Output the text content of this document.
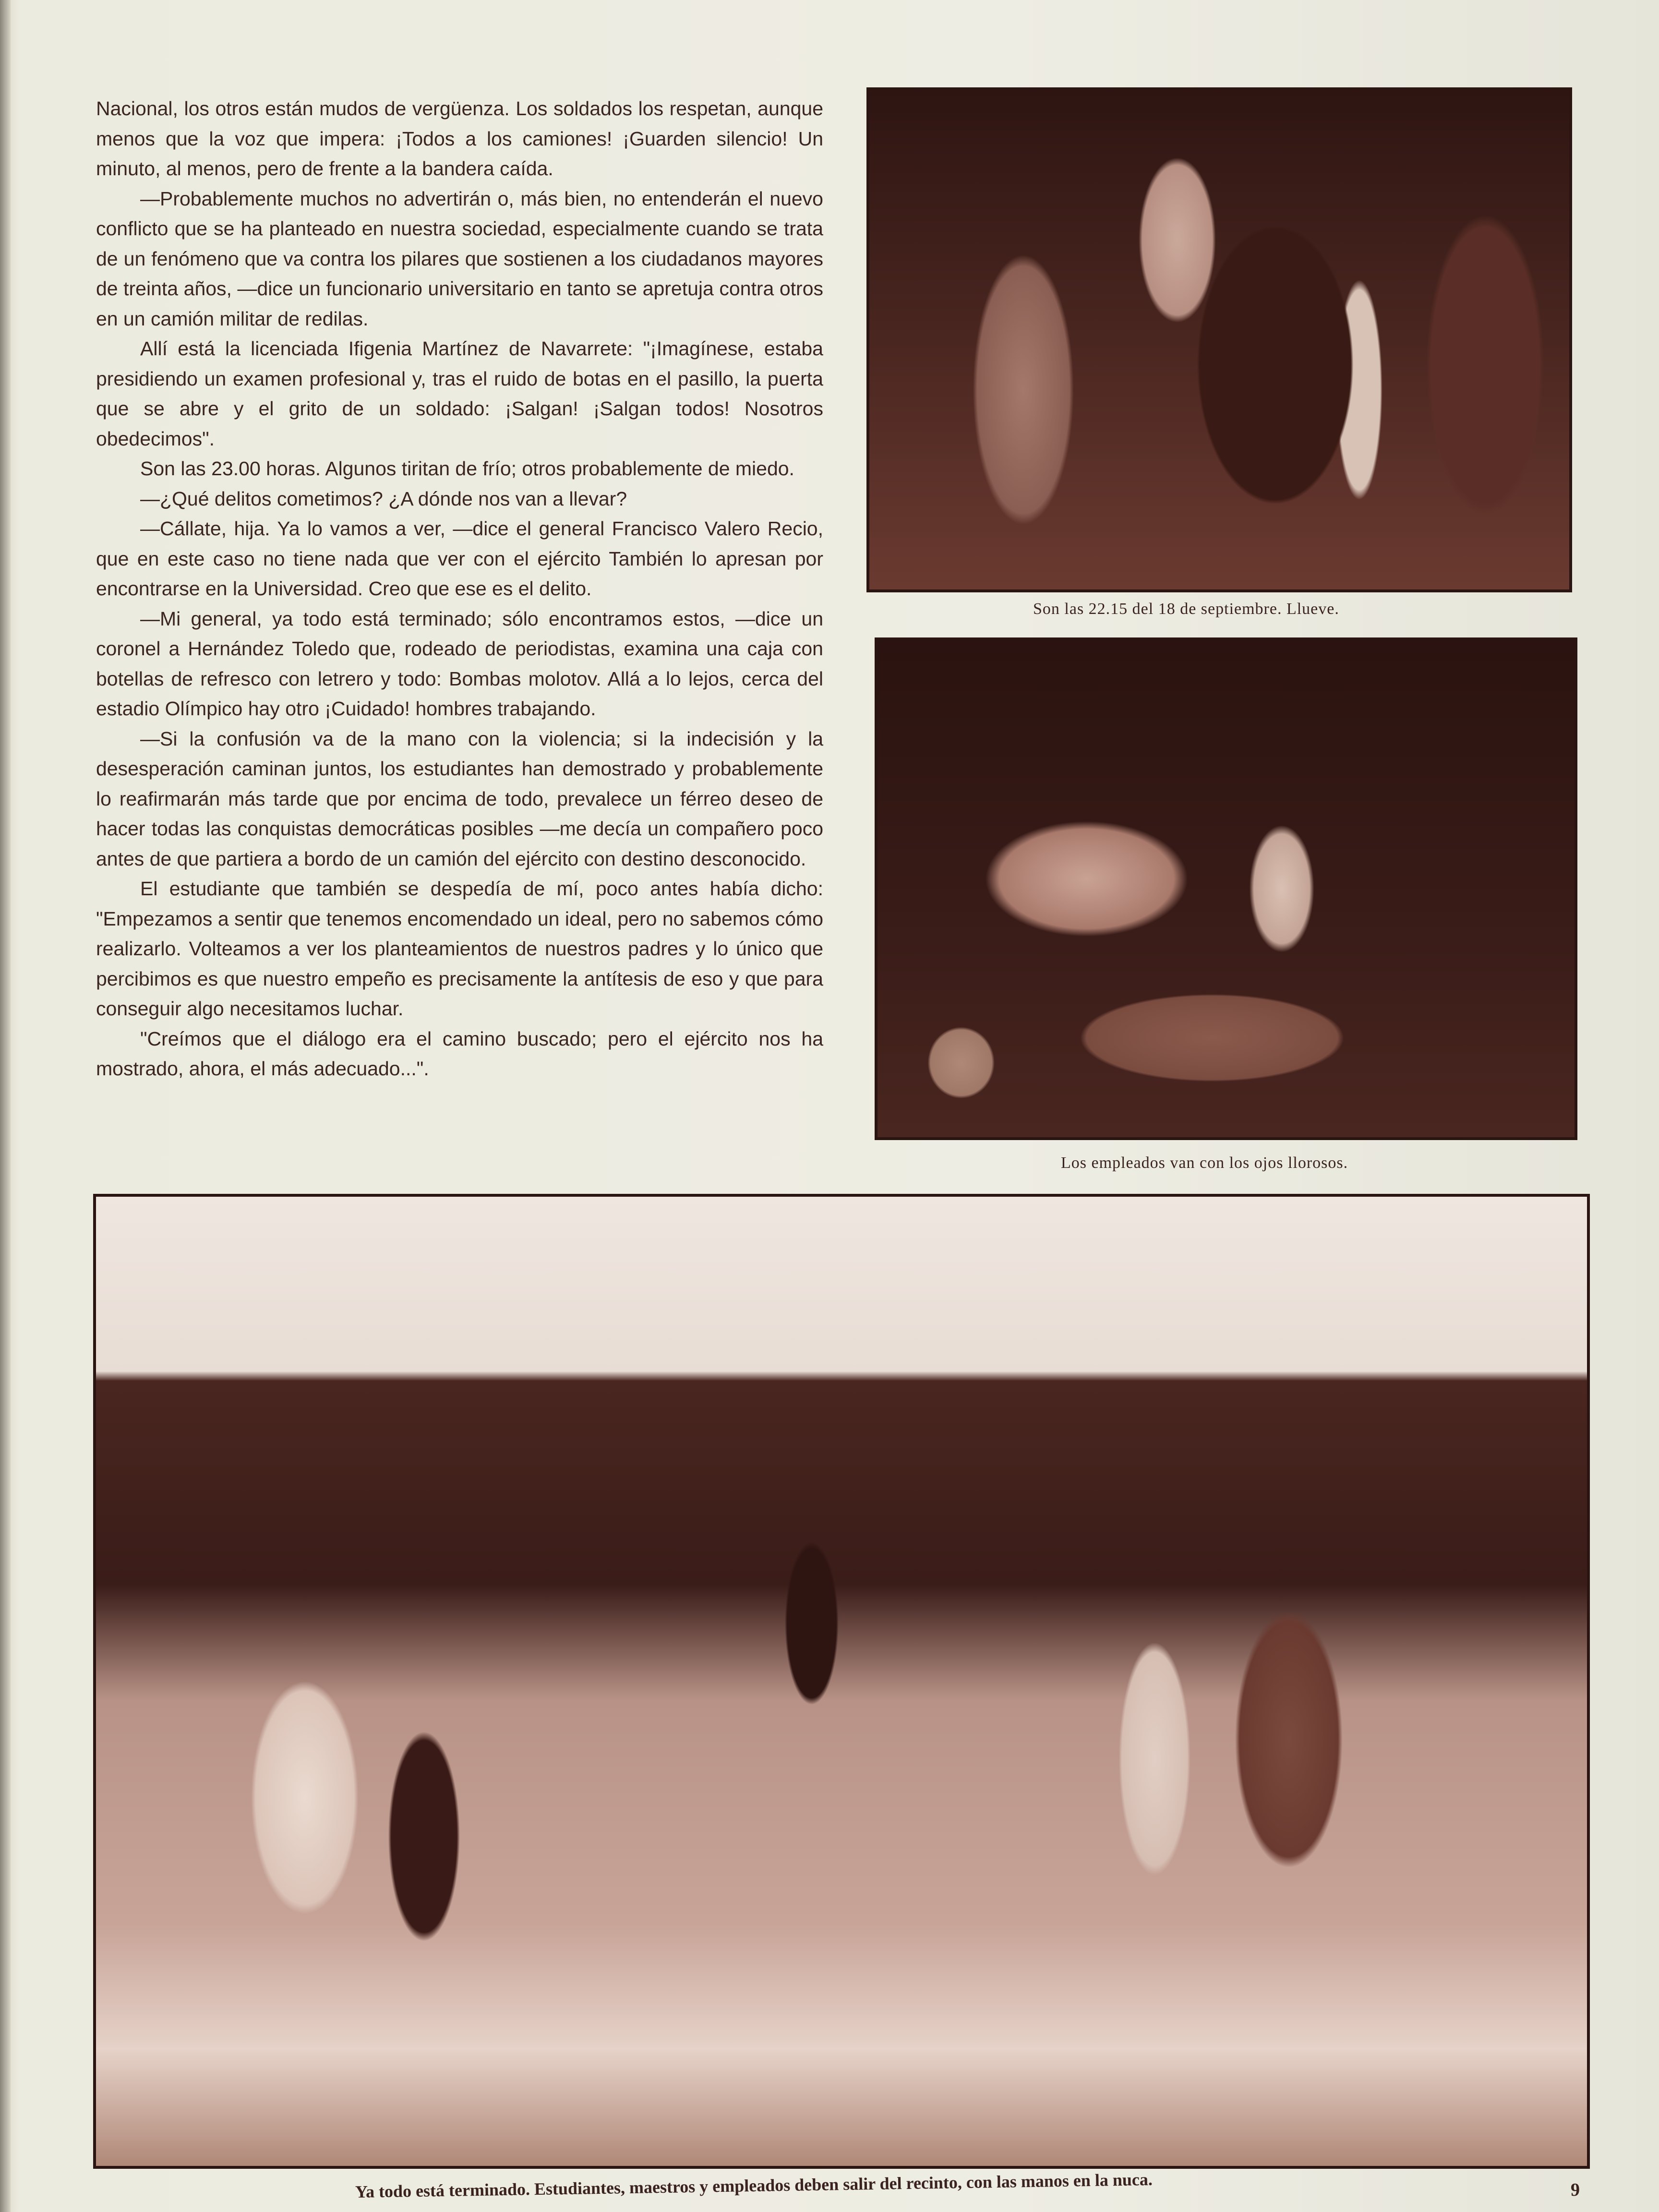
Nacional, los otros están mudos de vergüenza. Los soldados los respetan, aunque menos que la voz que impera: ¡Todos a los camiones! ¡Guarden silencio! Un minuto, al menos, pero de frente a la bandera caída.

—Probablemente muchos no advertirán o, más bien, no entenderán el nuevo conflicto que se ha planteado en nuestra sociedad, especialmente cuando se trata de un fenómeno que va contra los pilares que sostienen a los ciudadanos mayores de treinta años, —dice un funcionario universitario en tanto se apretuja contra otros en un camión militar de redilas.

Allí está la licenciada Ifigenia Martínez de Navarrete: "¡Imagínese, estaba presidiendo un examen profesional y, tras el ruido de botas en el pasillo, la puerta que se abre y el grito de un soldado: ¡Salgan! ¡Salgan todos! Nosotros obedecimos".

Son las 23.00 horas. Algunos tiritan de frío; otros probablemente de miedo.

—¿Qué delitos cometimos? ¿A dónde nos van a llevar?

—Cállate, hija. Ya lo vamos a ver, —dice el general Francisco Valero Recio, que en este caso no tiene nada que ver con el ejército También lo apresan por encontrarse en la Universidad. Creo que ese es el delito.

—Mi general, ya todo está terminado; sólo encontramos estos, —dice un coronel a Hernández Toledo que, rodeado de periodistas, examina una caja con botellas de refresco con letrero y todo: Bombas molotov. Allá a lo lejos, cerca del estadio Olímpico hay otro ¡Cuidado! hombres trabajando.

—Si la confusión va de la mano con la violencia; si la indecisión y la desesperación caminan juntos, los estudiantes han demostrado y probablemente lo reafirmarán más tarde que por encima de todo, prevalece un férreo deseo de hacer todas las conquistas democráticas posibles —me decía un compañero poco antes de que partiera a bordo de un camión del ejército con destino desconocido.

El estudiante que también se despedía de mí, poco antes había dicho: "Empezamos a sentir que tenemos encomendado un ideal, pero no sabemos cómo realizarlo. Volteamos a ver los planteamientos de nuestros padres y lo único que percibimos es que nuestro empeño es precisamente la antítesis de eso y que para conseguir algo necesitamos luchar.

"Creímos que el diálogo era el camino buscado; pero el ejército nos ha mostrado, ahora, el más adecuado...".

Son las 22.15 del 18 de septiembre. Llueve.
Los empleados van con los ojos llorosos.
Ya todo está terminado. Estudiantes, maestros y empleados deben salir del recinto, con las manos en la nuca.	9
